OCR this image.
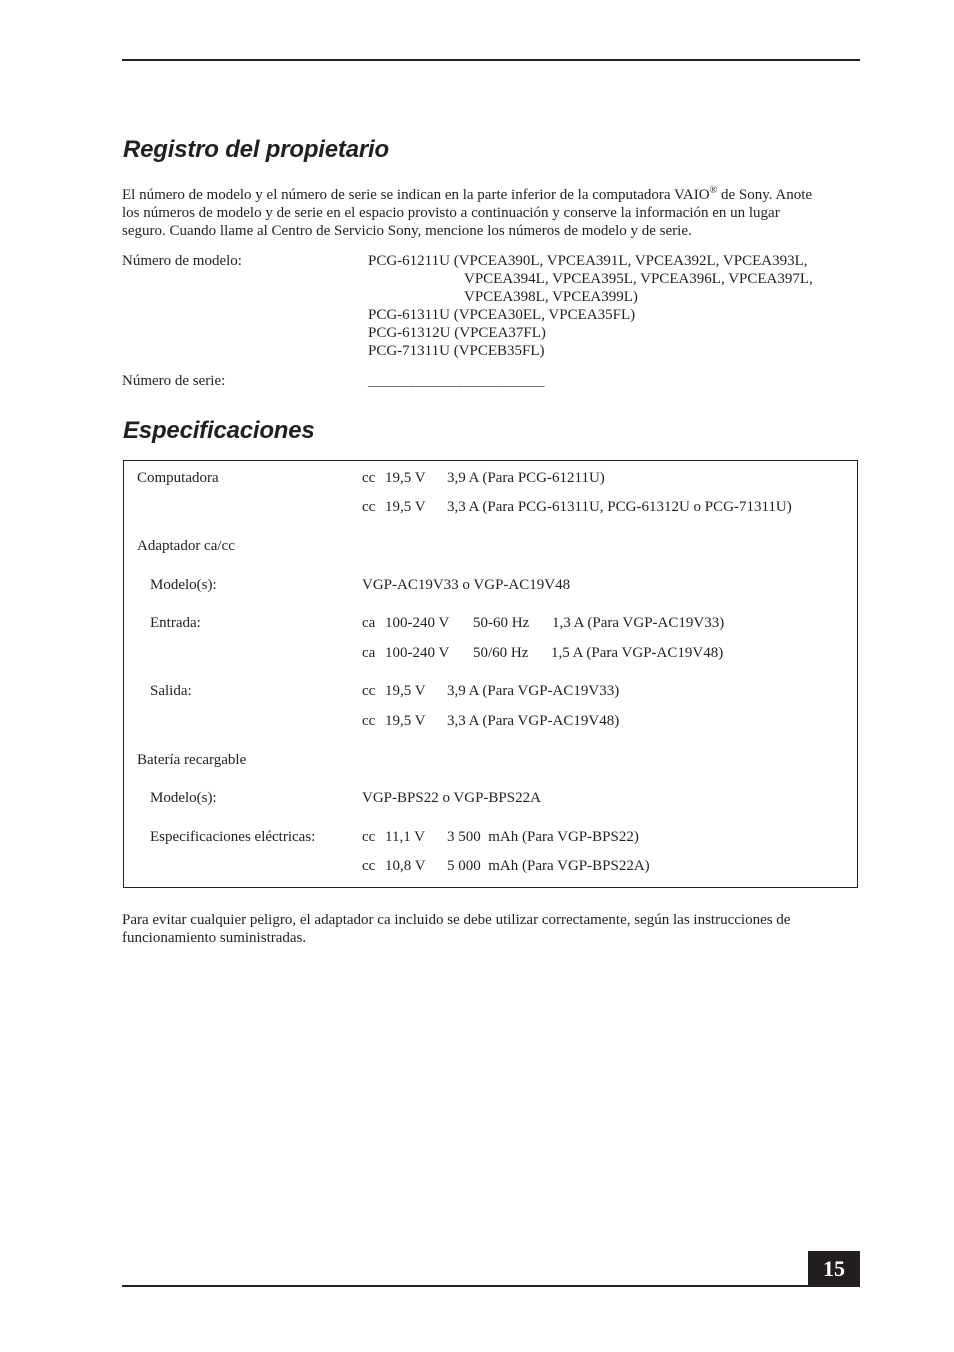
Registro del propietario
El número de modelo y el número de serie se indican en la parte inferior de la computadora VAIO® de Sony. Anote
los números de modelo y de serie en el espacio provisto a continuación y conserve la información en un lugar
seguro. Cuando llame al Centro de Servicio Sony, mencione los números de modelo y de serie.
Número de modelo:	PCG-61211U (VPCEA390L, VPCEA391L, VPCEA392L, VPCEA393L,
VPCEA394L, VPCEA395L, VPCEA396L, VPCEA397L,
VPCEA398L, VPCEA399L)
PCG-61311U (VPCEA30EL, VPCEA35FL)
PCG-61312U (VPCEA37FL)
PCG-71311U (VPCEB35FL)
Número de serie:	__________________________
Especificaciones
Computadora	cc 19,5 V 3,9 A (Para PCG-61211U)
cc 19,5 V 3,3 A (Para PCG-61311U, PCG-61312U o PCG-71311U)
Adaptador ca/cc
Modelo(s):	VGP-AC19V33 o VGP-AC19V48
Entrada:	ca 100-240 V 50-60 Hz 1,3 A (Para VGP-AC19V33)
ca 100-240 V 50/60 Hz 1,5 A (Para VGP-AC19V48)
Salida:	cc 19,5 V 3,9 A (Para VGP-AC19V33)
cc 19,5 V 3,3 A (Para VGP-AC19V48)
Batería recargable
Modelo(s):	VGP-BPS22 o VGP-BPS22A
Especificaciones eléctricas:	cc 11,1 V 3 500  mAh (Para VGP-BPS22)
cc 10,8 V 5 000  mAh (Para VGP-BPS22A)
Para evitar cualquier peligro, el adaptador ca incluido se debe utilizar correctamente, según las instrucciones de
funcionamiento suministradas.
15
